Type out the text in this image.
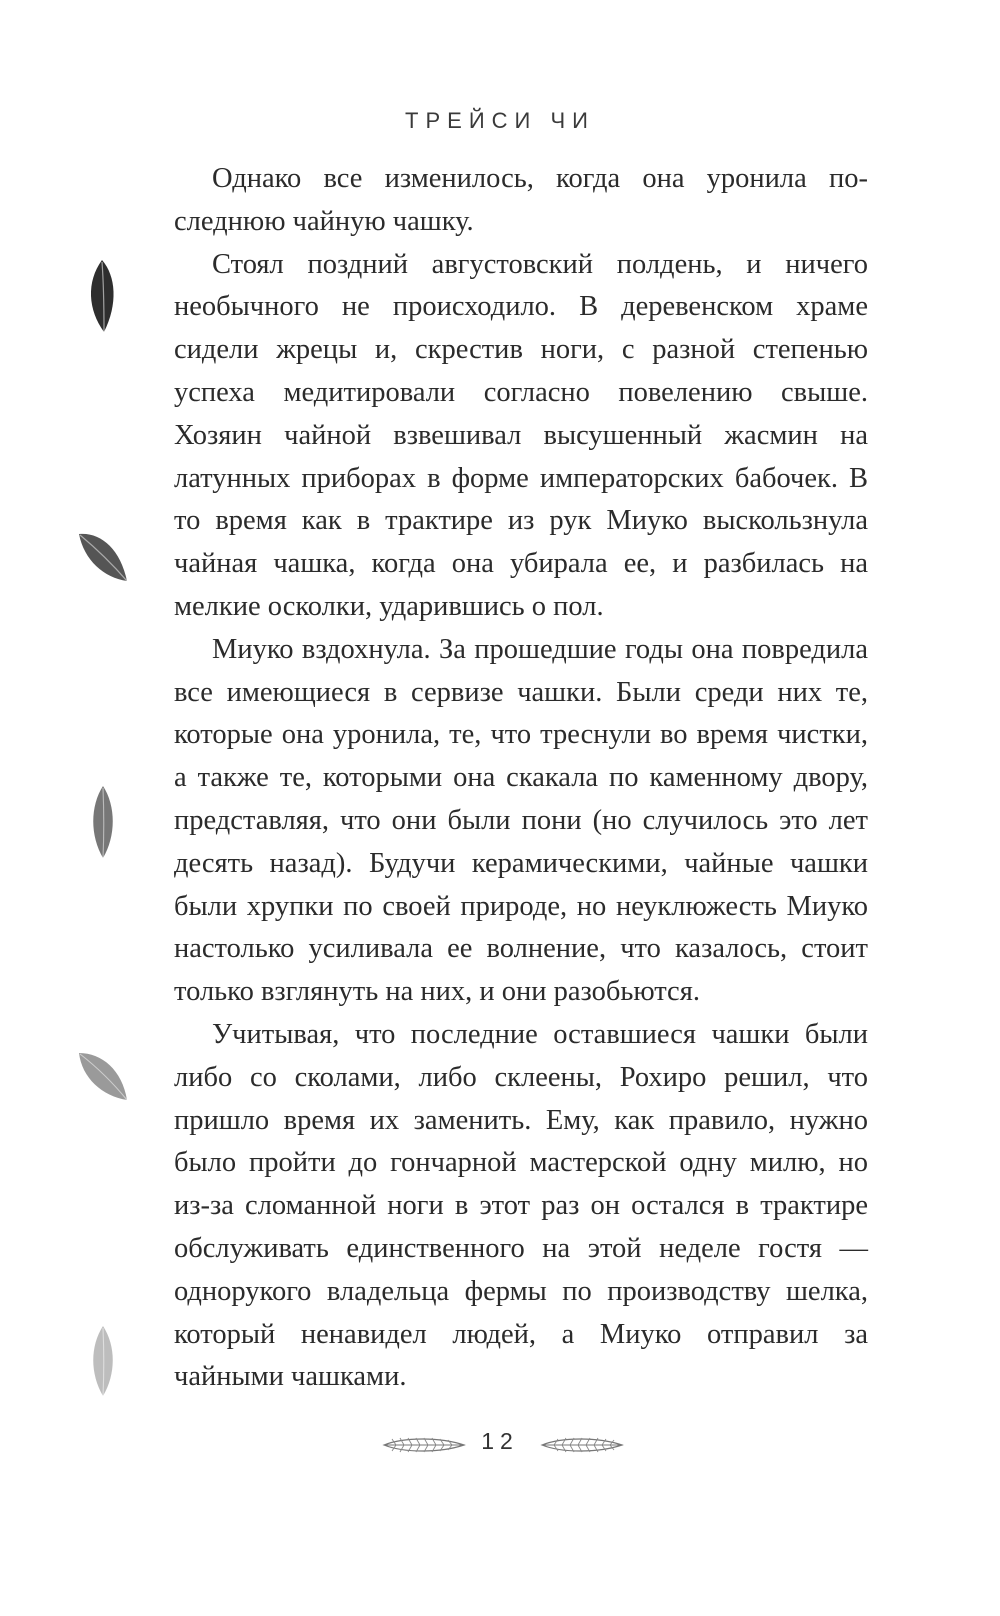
ТРЕЙСИ ЧИ

Однако все изменилось, когда она уронила последнюю чайную чашку.

Стоял поздний августовский полдень, и ничего необычного не происходило. В деревенском храме сидели жрецы и, скрестив ноги, с разной степенью успеха медитировали согласно повелению свыше. Хозяин чайной взвешивал высушенный жасмин на латунных приборах в форме императорских бабочек. В то время как в трактире из рук Миуко выскользнула чайная чашка, когда она убирала ее, и разбилась на мелкие осколки, ударившись о пол.

Миуко вздохнула. За прошедшие годы она повредила все имеющиеся в сервизе чашки. Были среди них те, которые она уронила, те, что треснули во время чистки, а также те, которыми она скакала по каменному двору, представляя, что они были пони (но случилось это лет десять назад). Будучи керамическими, чайные чашки были хрупки по своей природе, но неуклюжесть Миуко настолько усиливала ее волнение, что казалось, стоит только взглянуть на них, и они разобьются.

Учитывая, что последние оставшиеся чашки были либо со сколами, либо склеены, Рохиро решил, что пришло время их заменить. Ему, как правило, нужно было пройти до гончарной мастерской одну милю, но из-за сломанной ноги в этот раз он остался в трактире обслуживать единственного на этой неделе гостя — однорукого владельца фермы по производству шелка, который ненавидел людей, а Миуко отправил за чайными чашками.

12
